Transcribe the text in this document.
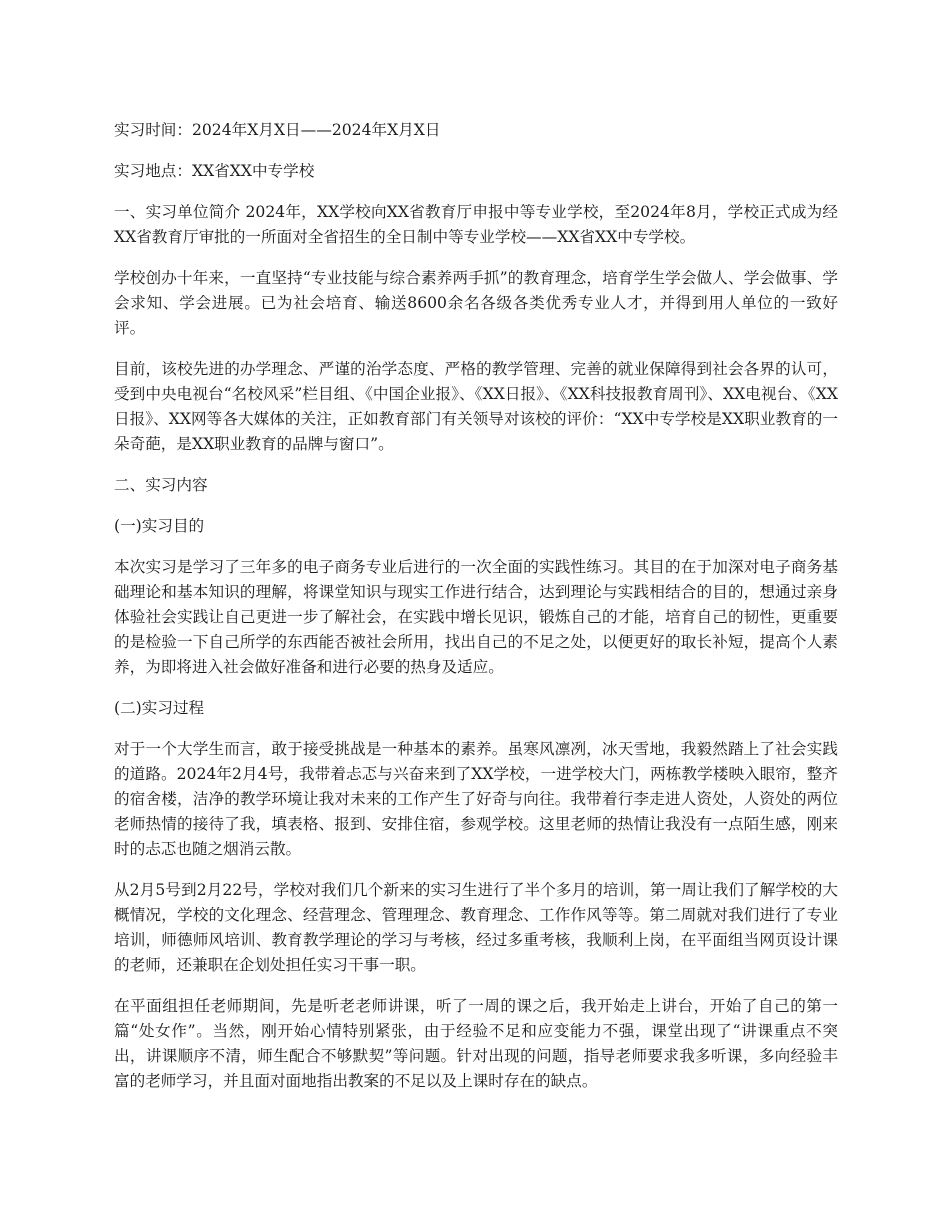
实习时间：2024年X月X日——2024年X月X日

实习地点：XX省XX中专学校

一、实习单位简介 2024年，XX学校向XX省教育厅申报中等专业学校，至2024年8月，学校正式成为经XX省教育厅审批的一所面对全省招生的全日制中等专业学校——XX省XX中专学校。

学校创办十年来，一直坚持“专业技能与综合素养两手抓”的教育理念，培育学生学会做人、学会做事、学会求知、学会进展。已为社会培育、输送8600余名各级各类优秀专业人才，并得到用人单位的一致好评。

目前，该校先进的办学理念、严谨的治学态度、严格的教学管理、完善的就业保障得到社会各界的认可，受到中央电视台“名校风采”栏目组、《中国企业报》、《XX日报》、《XX科技报教育周刊》、XX电视台、《XX日报》、XX网等各大媒体的关注，正如教育部门有关领导对该校的评价：“XX中专学校是XX职业教育的一朵奇葩，是XX职业教育的品牌与窗口”。

二、实习内容

(一)实习目的

本次实习是学习了三年多的电子商务专业后进行的一次全面的实践性练习。其目的在于加深对电子商务基础理论和基本知识的理解，将课堂知识与现实工作进行结合，达到理论与实践相结合的目的，想通过亲身体验社会实践让自己更进一步了解社会，在实践中增长见识，锻炼自己的才能，培育自己的韧性，更重要的是检验一下自己所学的东西能否被社会所用，找出自己的不足之处，以便更好的取长补短，提高个人素养，为即将进入社会做好准备和进行必要的热身及适应。

(二)实习过程

对于一个大学生而言，敢于接受挑战是一种基本的素养。虽寒风凛冽，冰天雪地，我毅然踏上了社会实践的道路。2024年2月4号，我带着忐忑与兴奋来到了XX学校，一进学校大门，两栋教学楼映入眼帘，整齐的宿舍楼，洁净的教学环境让我对未来的工作产生了好奇与向往。我带着行李走进人资处，人资处的两位老师热情的接待了我，填表格、报到、安排住宿，参观学校。这里老师的热情让我没有一点陌生感，刚来时的忐忑也随之烟消云散。

从2月5号到2月22号，学校对我们几个新来的实习生进行了半个多月的培训，第一周让我们了解学校的大概情况，学校的文化理念、经营理念、管理理念、教育理念、工作作风等等。第二周就对我们进行了专业培训，师德师风培训、教育教学理论的学习与考核，经过多重考核，我顺利上岗，在平面组当网页设计课的老师，还兼职在企划处担任实习干事一职。

在平面组担任老师期间，先是听老老师讲课，听了一周的课之后，我开始走上讲台，开始了自己的第一篇“处女作”。当然，刚开始心情特别紧张，由于经验不足和应变能力不强，课堂出现了“讲课重点不突出，讲课顺序不清，师生配合不够默契”等问题。针对出现的问题，指导老师要求我多听课，多向经验丰富的老师学习，并且面对面地指出教案的不足以及上课时存在的缺点。
